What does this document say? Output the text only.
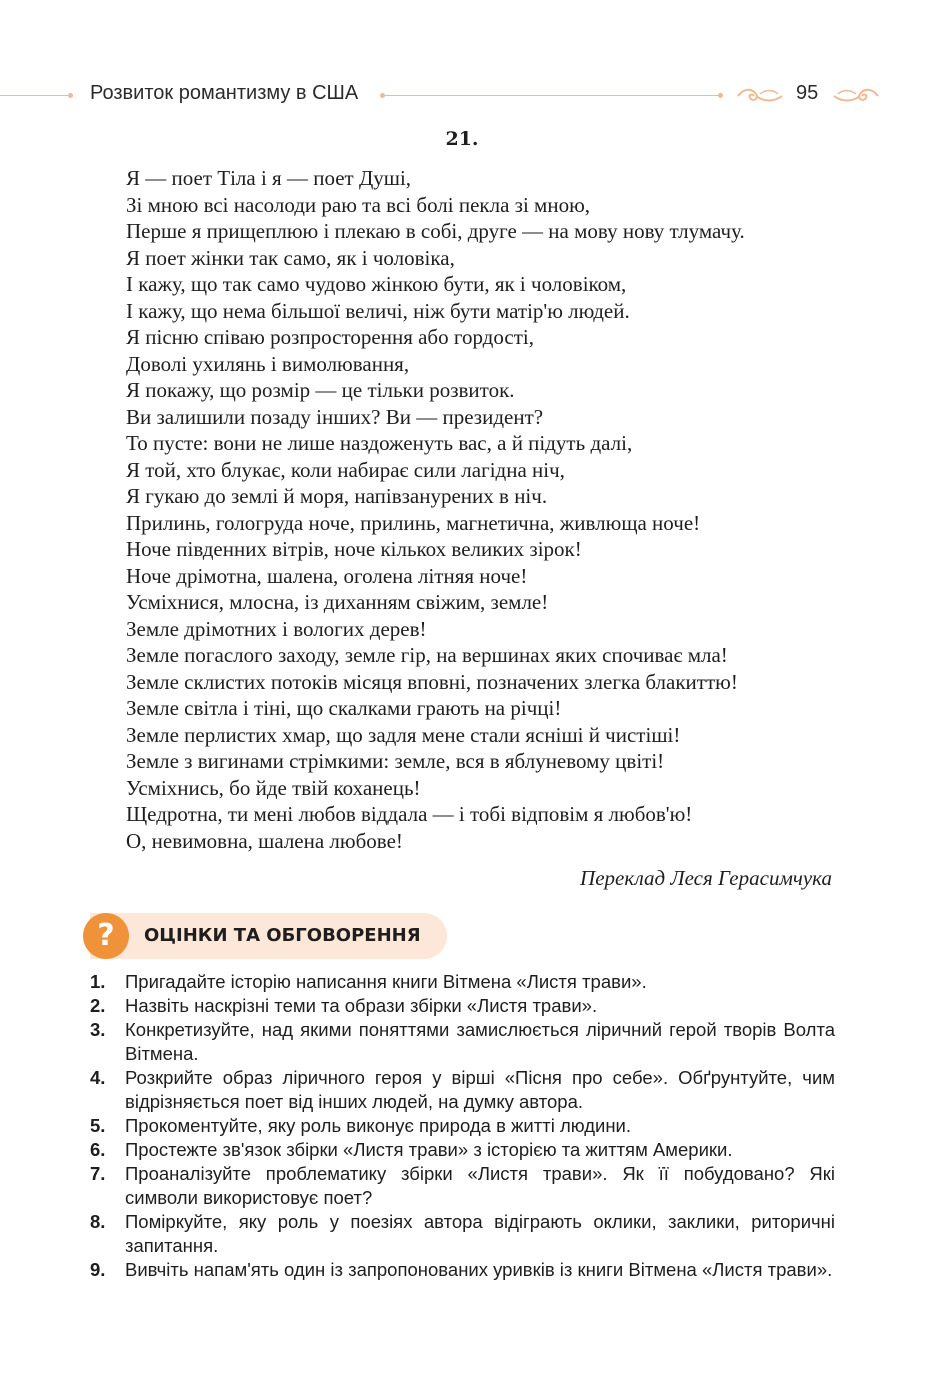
Розвиток романтизму в США	95
21.
Я — поет Тіла і я — поет Душі,
Зі мною всі насолоди раю та всі болі пекла зі мною,
Перше я прищеплюю і плекаю в собі, друге — на мову нову тлумачу.
Я поет жінки так само, як і чоловіка,
І кажу, що так само чудово жінкою бути, як і чоловіком,
І кажу, що нема більшої величі, ніж бути матір'ю людей.
Я пісню співаю розпросторення або гордості,
Доволі ухилянь і вимолювання,
Я покажу, що розмір — це тільки розвиток.
Ви залишили позаду інших? Ви — президент?
То пусте: вони не лише наздоженуть вас, а й підуть далі,
Я той, хто блукає, коли набирає сили лагідна ніч,
Я гукаю до землі й моря, напівзанурених в ніч.
Прилинь, гологруда ноче, прилинь, магнетична, живлюща ноче!
Ноче південних вітрів, ноче кількох великих зірок!
Ноче дрімотна, шалена, оголена літняя ноче!
Усміхнися, млосна, із диханням свіжим, земле!
Земле дрімотних і вологих дерев!
Земле погаслого заходу, земле гір, на вершинах яких спочиває мла!
Земле склистих потоків місяця вповні, позначених злегка блакиттю!
Земле світла і тіні, що скалками грають на річці!
Земле перлистих хмар, що задля мене стали ясніші й чистіші!
Земле з вигинами стрімкими: земле, вся в яблуневому цвіті!
Усміхнись, бо йде твій коханець!
Щедротна, ти мені любов віддала — і тобі відповім я любов'ю!
О, невимовна, шалена любове!
Переклад Леся Герасимчука
?	ОЦІНКИ ТА ОБГОВОРЕННЯ
1.	Пригадайте історію написання книги Вітмена «Листя трави».
2.	Назвіть наскрізні теми та образи збірки «Листя трави».
3.	Конкретизуйте, над якими поняттями замислюється ліричний герой творів Волта Вітмена.
4.	Розкрийте образ ліричного героя у вірші «Пісня про себе». Обґрунтуйте, чим відрізняється поет від інших людей, на думку автора.
5.	Прокоментуйте, яку роль виконує природа в житті людини.
6.	Простежте зв'язок збірки «Листя трави» з історією та життям Америки.
7.	Проаналізуйте проблематику збірки «Листя трави». Як її побудовано? Які символи використовує поет?
8.	Поміркуйте, яку роль у поезіях автора відіграють оклики, заклики, риторичні запитання.
9.	Вивчіть напам'ять один із запропонованих уривків із книги Вітмена «Листя трави».
